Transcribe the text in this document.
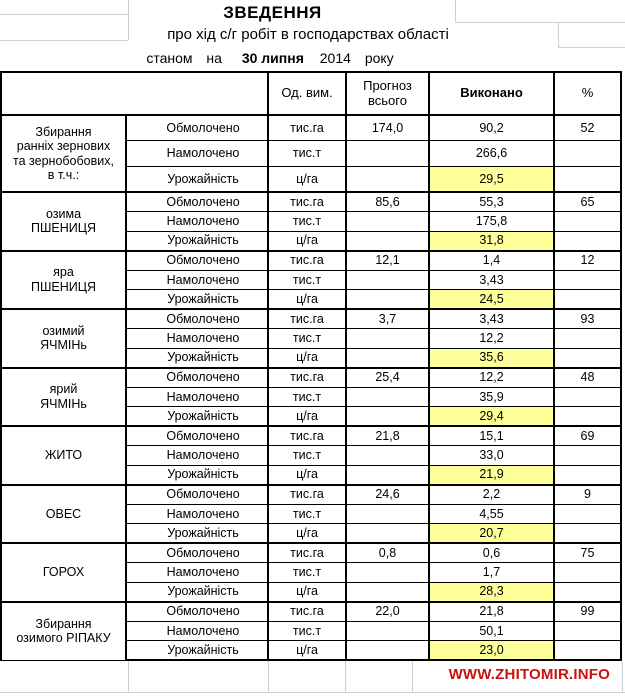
ЗВЕДЕННЯ
про хід с/г робіт в господарствах області
станом на 30 липня 2014 року
		Од. вим.	Прогноз всього	Виконано	%
Збирання
ранніх зернових
та зернобобових,
в т.ч.:	Обмолочено	тис.га	174,0	90,2	52
	Намолочено	тис.т		266,6	
	Урожайність	ц/га		29,5	
озима
ПШЕНИЦЯ	Обмолочено	тис.га	85,6	55,3	65
	Намолочено	тис.т		175,8	
	Урожайність	ц/га		31,8	
яра
ПШЕНИЦЯ	Обмолочено	тис.га	12,1	1,4	12
	Намолочено	тис.т		3,43	
	Урожайність	ц/га		24,5	
озимий
ЯЧМІНь	Обмолочено	тис.га	3,7	3,43	93
	Намолочено	тис.т		12,2	
	Урожайність	ц/га		35,6	
ярий
ЯЧМІНь	Обмолочено	тис.га	25,4	12,2	48
	Намолочено	тис.т		35,9	
	Урожайність	ц/га		29,4	
ЖИТО	Обмолочено	тис.га	21,8	15,1	69
	Намолочено	тис.т		33,0	
	Урожайність	ц/га		21,9	
ОВЕС	Обмолочено	тис.га	24,6	2,2	9
	Намолочено	тис.т		4,55	
	Урожайність	ц/га		20,7	
ГОРОХ	Обмолочено	тис.га	0,8	0,6	75
	Намолочено	тис.т		1,7	
	Урожайність	ц/га		28,3	
Збирання
озимого РІПАКУ	Обмолочено	тис.га	22,0	21,8	99
	Намолочено	тис.т		50,1	
	Урожайність	ц/га		23,0	
WWW.ZHITOMIR.INFO
